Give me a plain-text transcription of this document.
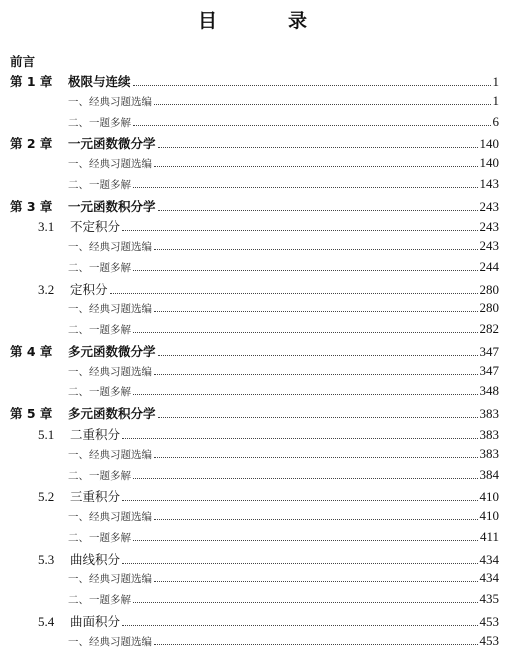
目　录

前言

第 1 章	极限与连续	1
一、经典习题选编	1
二、一题多解	6
第 2 章	一元函数微分学	140
一、经典习题选编	140
二、一题多解	143
第 3 章	一元函数积分学	243
3.1	不定积分	243
一、经典习题选编	243
二、一题多解	244
3.2	定积分	280
一、经典习题选编	280
二、一题多解	282
第 4 章	多元函数微分学	347
一、经典习题选编	347
二、一题多解	348
第 5 章	多元函数积分学	383
5.1	二重积分	383
一、经典习题选编	383
二、一题多解	384
5.2	三重积分	410
一、经典习题选编	410
二、一题多解	411
5.3	曲线积分	434
一、经典习题选编	434
二、一题多解	435
5.4	曲面积分	453
一、经典习题选编	453
